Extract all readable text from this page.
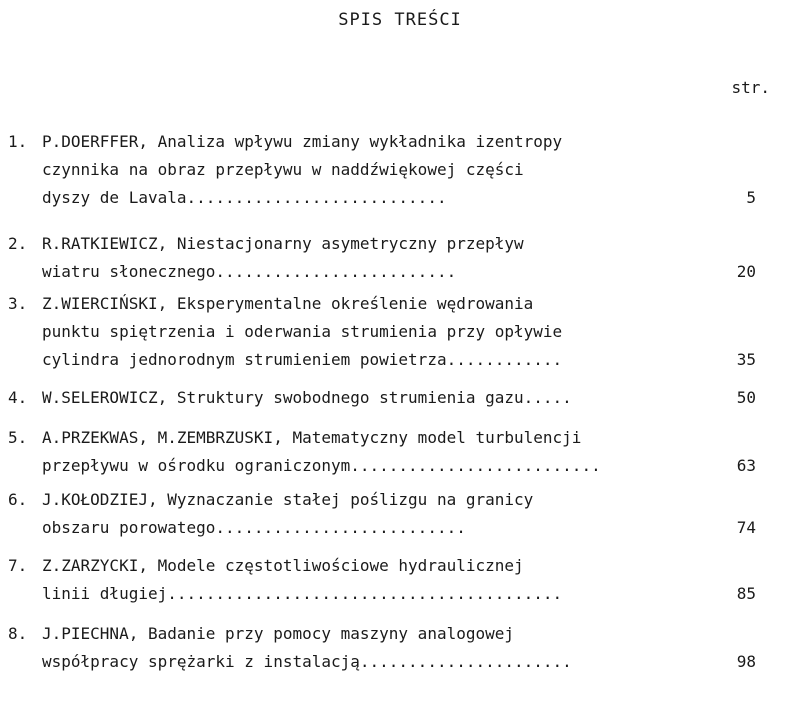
SPIS TREŚCI
str.
1. P.DOERFFER, Analiza wpływu zmiany wykładnika izentropy
czynnika na obraz przepływu w naddźwiękowej części
dyszy de Lavala...........................	5
2. R.RATKIEWICZ, Niestacjonarny asymetryczny przepływ
wiatru słonecznego.........................	20
3. Z.WIERCIŃSKI, Eksperymentalne określenie wędrowania
punktu spiętrzenia i oderwania strumienia przy opływie
cylindra jednorodnym strumieniem powietrza............	35
4. W.SELEROWICZ, Struktury swobodnego strumienia gazu.....	50
5. A.PRZEKWAS, M.ZEMBRZUSKI, Matematyczny model turbulencji
przepływu w ośrodku ograniczonym..........................	63
6. J.KOŁODZIEJ, Wyznaczanie stałej poślizgu na granicy
obszaru porowatego..........................	74
7. Z.ZARZYCKI, Modele częstotliwościowe hydraulicznej
linii długiej.........................................	85
8. J.PIECHNA, Badanie przy pomocy maszyny analogowej
współpracy sprężarki z instalacją......................	98
